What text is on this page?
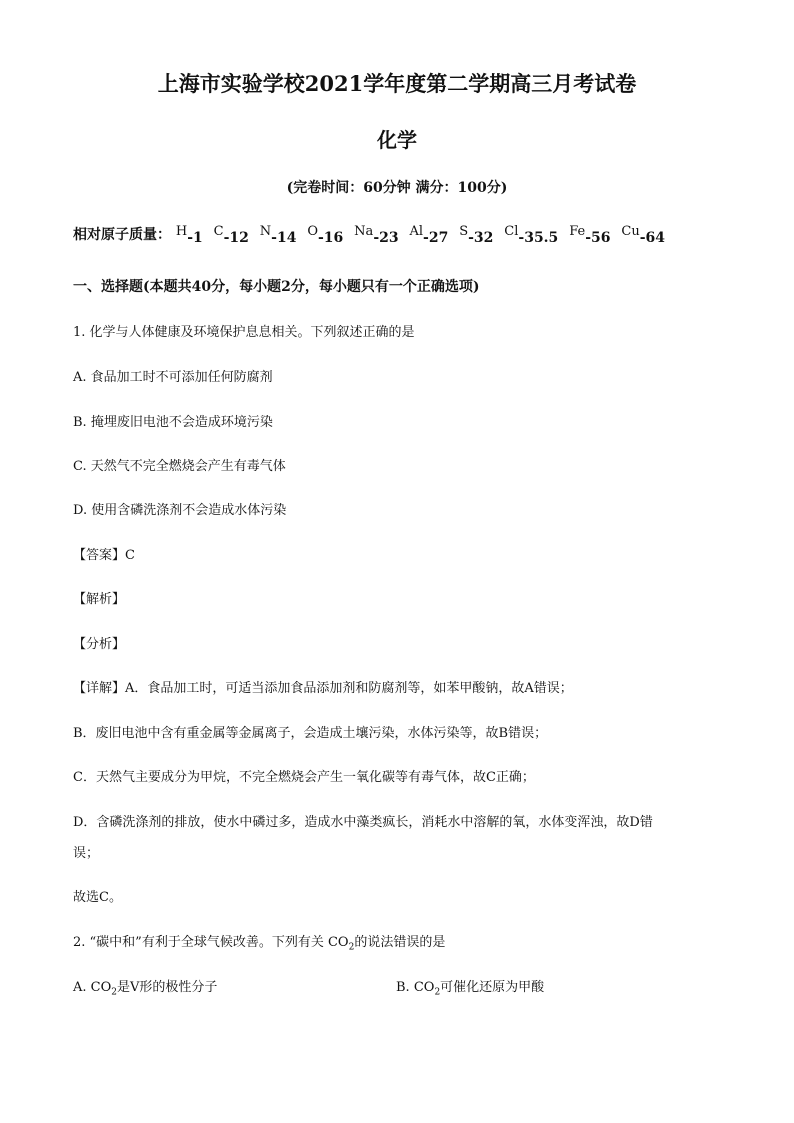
上海市实验学校2021学年度第二学期高三月考试卷
化学
(完卷时间：60分钟 满分：100分)
相对原子质量： H-1 C-12 N-14 O-16 Na-23 Al-27 S-32 Cl-35.5 Fe-56 Cu-64
一、选择题(本题共40分，每小题2分，每小题只有一个正确选项)
1. 化学与人体健康及环境保护息息相关。下列叙述正确的是
A. 食品加工时不可添加任何防腐剂
B. 掩埋废旧电池不会造成环境污染
C. 天然气不完全燃烧会产生有毒气体
D. 使用含磷洗涤剂不会造成水体污染
【答案】C
【解析】
【分析】
【详解】A．食品加工时，可适当添加食品添加剂和防腐剂等，如苯甲酸钠，故A错误；
B．废旧电池中含有重金属等金属离子，会造成土壤污染，水体污染等，故B错误；
C．天然气主要成分为甲烷，不完全燃烧会产生一氧化碳等有毒气体，故C正确；
D．含磷洗涤剂的排放，使水中磷过多，造成水中藻类疯长，消耗水中溶解的氧，水体变浑浊，故D错
误；
故选C。
2. “碳中和”有利于全球气候改善。下列有关 $CO_2$的说法错误的是
A. $CO_2$是V形的极性分子	B. $CO_2$可催化还原为甲酸
